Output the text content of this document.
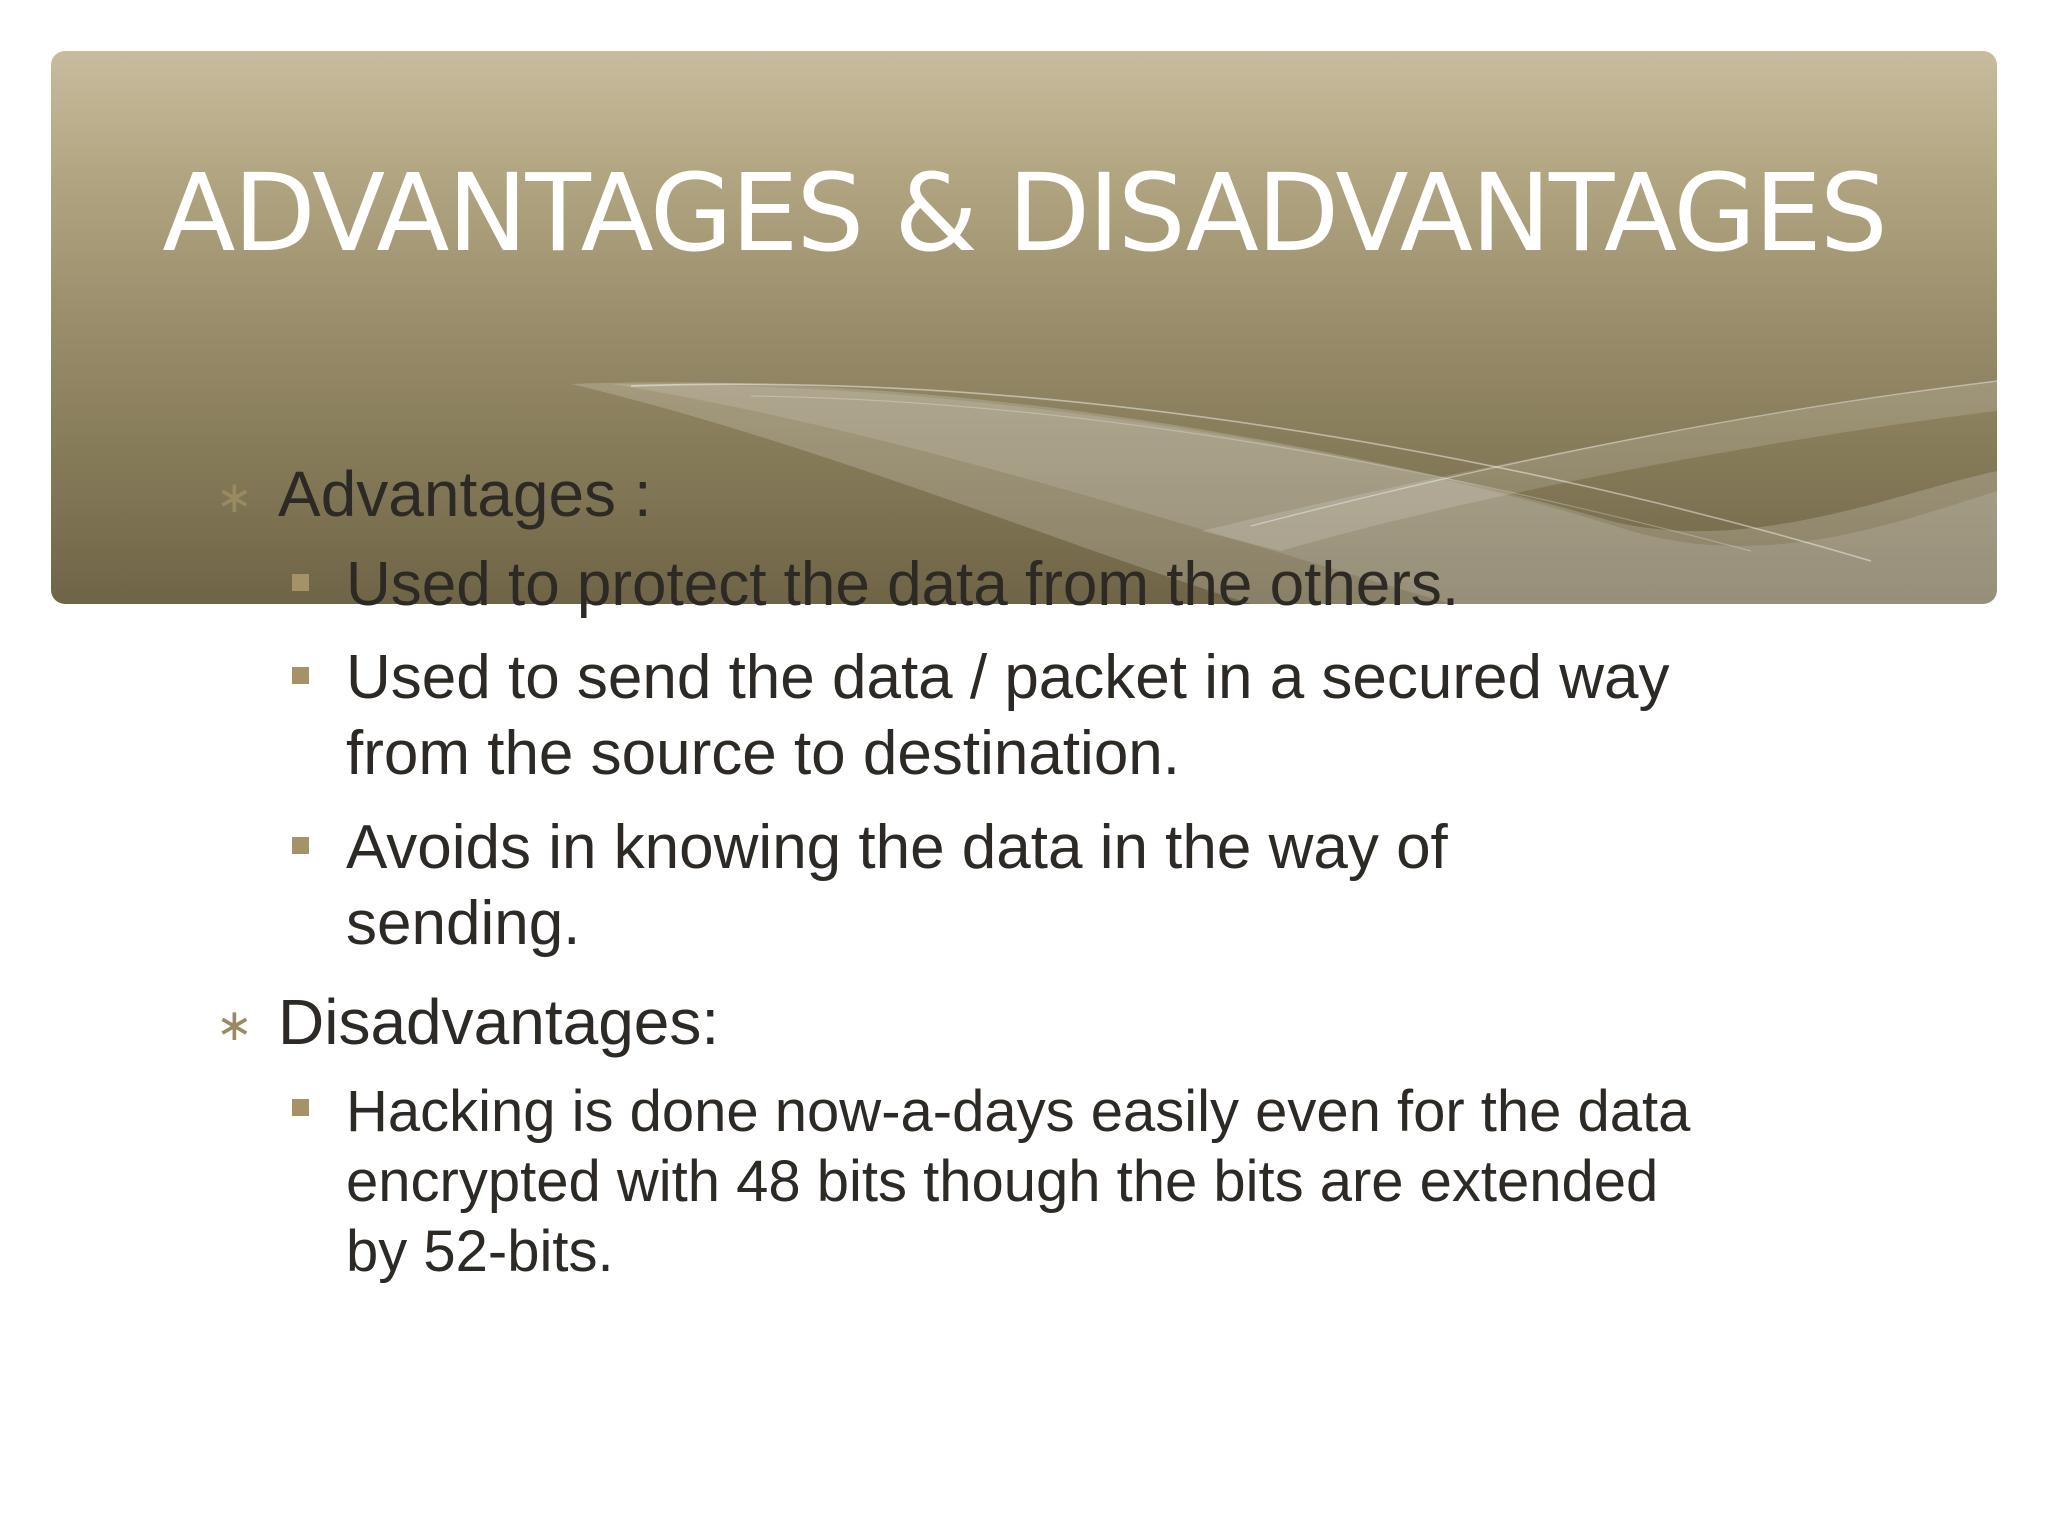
ADVANTAGES & DISADVANTAGES
∗ Advantages :
Used to protect the data from the others.
Used to send the data / packet in a secured way
from the source to destination.
Avoids in knowing the data in the way of
sending.
∗ Disadvantages:
Hacking is done now-a-days easily even for the data
encrypted with 48 bits though the bits are extended
by 52-bits.
